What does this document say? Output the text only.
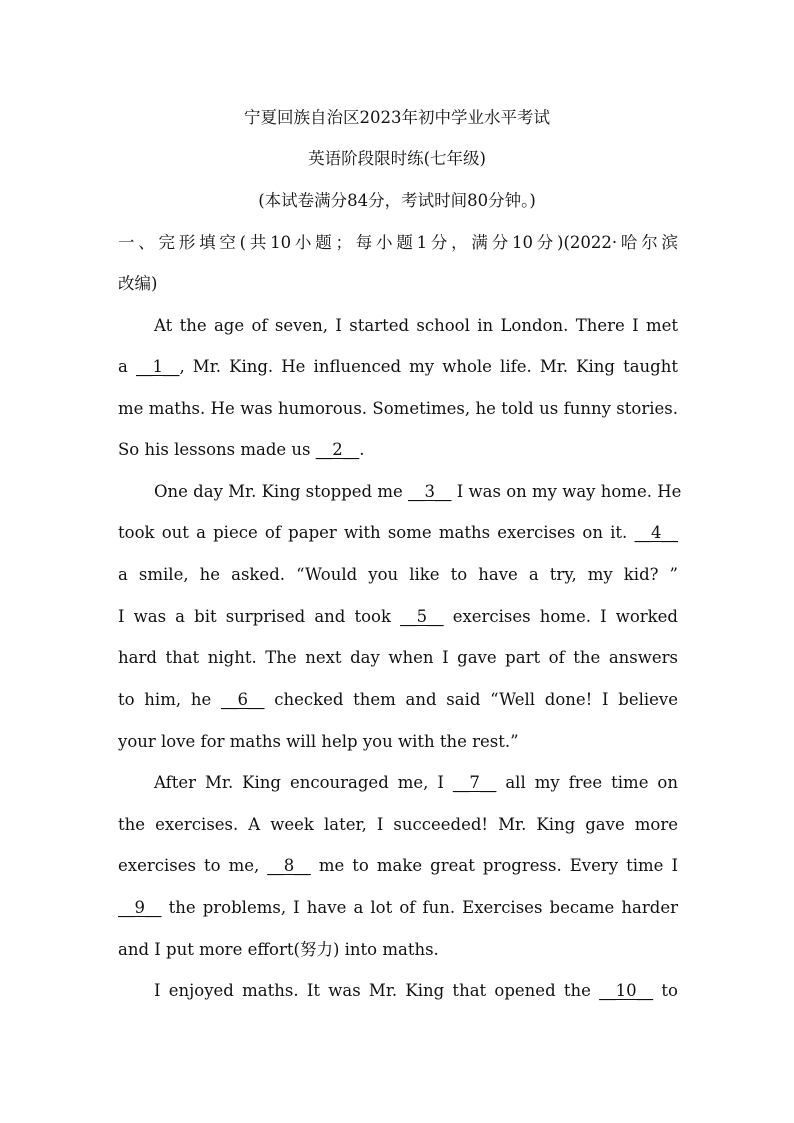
宁夏回族自治区2023年初中学业水平考试
英语阶段限时练(七年级)
(本试卷满分84分，考试时间80分钟。)
一、完形填空(共10小题；每小题1分，满分10分)(2022·哈尔滨
改编)
At the age of seven, I started school in London. There I met
a __1__, Mr. King. He influenced my whole life. Mr. King taught
me maths. He was humorous. Sometimes, he told us funny stories.
So his lessons made us __2__.
One day Mr. King stopped me __3__ I was on my way home. He
took out a piece of paper with some maths exercises on it. __4__
a smile, he asked. “Would you like to have a try, my kid? ”
I was a bit surprised and took __5__ exercises home. I worked
hard that night. The next day when I gave part of the answers
to him, he __6__ checked them and said “Well done! I believe
your love for maths will help you with the rest.”
After Mr. King encouraged me, I __7__ all my free time on
the exercises. A week later, I succeeded! Mr. King gave more
exercises to me, __8__ me to make great progress. Every time I
__9__ the problems, I have a lot of fun. Exercises became harder
and I put more effort(努力) into maths.
I enjoyed maths. It was Mr. King that opened the __10__ to
